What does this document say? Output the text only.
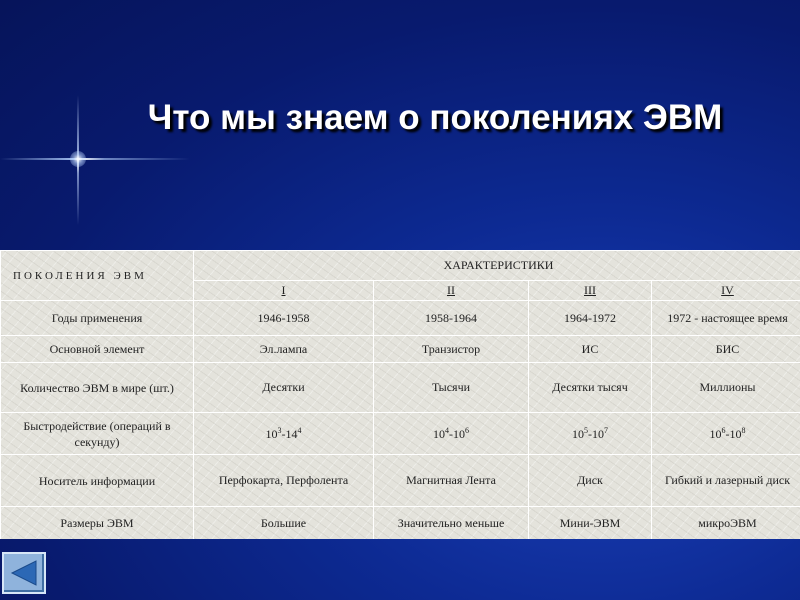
Что мы знаем о поколениях ЭВМ
ПОКОЛЕНИЯ ЭВМ	ХАРАКТЕРИСТИКИ			
	I	II	III	IV
Годы применения	1946-1958	1958-1964	1964-1972	1972 - настоящее время
Основной элемент	Эл.лампа	Транзистор	ИС	БИС
Количество ЭВМ в мире (шт.)	Десятки	Тысячи	Десятки тысяч	Миллионы
Быстродействие (операций в секунду)	$10^3-14^4$	$10^4-10^6$	$10^5-10^7$	$10^6-10^8$
Носитель информации	Перфокарта, Перфолента	Магнитная Лента	Диск	Гибкий и лазерный диск
Размеры ЭВМ	Большие	Значительно меньше	Мини-ЭВМ	микроЭВМ
